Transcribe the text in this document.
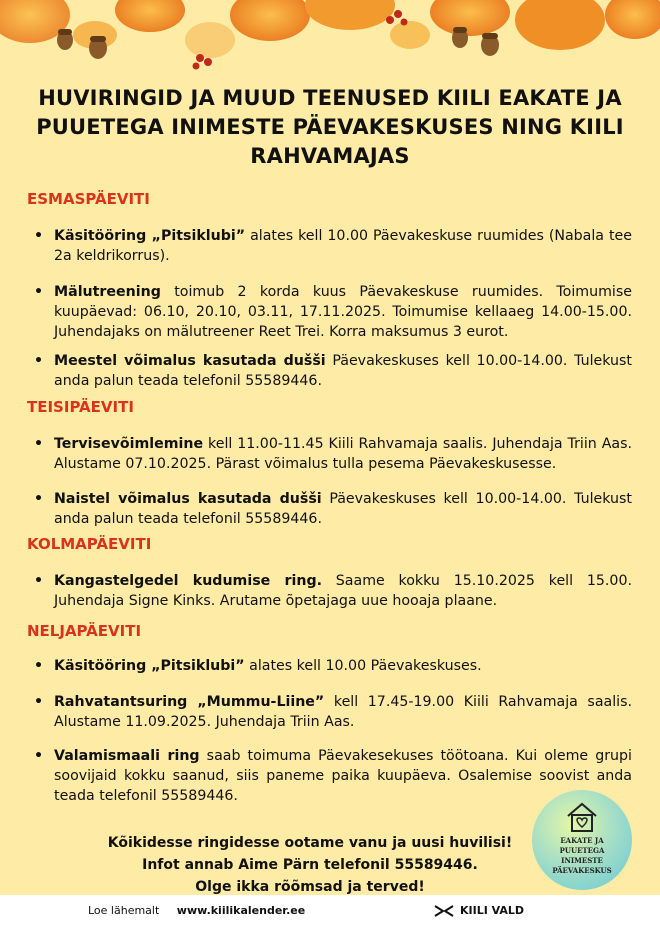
HUVIRINGID JA MUUD TEENUSED KIILI EAKATE JA PUUETEGA INIMESTE PÄEVAKESKUSES NING KIILI RAHVAMAJAS
ESMASPÄEVITI
• Käsitööring „Pitsiklubi” alates kell 10.00 Päevakeskuse ruumides (Nabala tee 2a keldrikorrus).
• Mälutreening toimub 2 korda kuus Päevakeskuse ruumides. Toimumise kuupäevad: 06.10, 20.10, 03.11, 17.11.2025. Toimumise kellaaeg 14.00-15.00. Juhendajaks on mälutreener Reet Trei. Korra maksumus 3 eurot.
• Meestel võimalus kasutada dušši Päevakeskuses kell 10.00-14.00. Tulekust anda palun teada telefonil 55589446.
TEISIPÄEVITI
• Tervisevõimlemine kell 11.00-11.45 Kiili Rahvamaja saalis. Juhendaja Triin Aas. Alustame 07.10.2025. Pärast võimalus tulla pesema Päevakeskusesse.
• Naistel võimalus kasutada dušši Päevakeskuses kell 10.00-14.00. Tulekust anda palun teada telefonil 55589446.
KOLMAPÄEVITI
• Kangastelgedel kudumise ring. Saame kokku 15.10.2025 kell 15.00. Juhendaja Signe Kinks. Arutame õpetajaga uue hooaja plaane.
NELJAPÄEVITI
• Käsitööring „Pitsiklubi” alates kell 10.00 Päevakeskuses.
• Rahvatantsuring „Mummu-Liine” kell 17.45-19.00 Kiili Rahvamaja saalis. Alustame 11.09.2025. Juhendaja Triin Aas.
• Valamismaali ring saab toimuma Päevakesekuses töötoana. Kui oleme grupi soovijaid kokku saanud, siis paneme paika kuupäeva. Osalemise soovist anda teada telefonil 55589446.
Kõikidesse ringidesse ootame vanu ja uusi huvilisi!
Infot annab Aime Pärn telefonil 55589446.
Olge ikka rõõmsad ja terved!
EAKATE JA PUUETEGA
INIMESTE
PÄEVAKESKUS
Loe lähemalt www.kiilikalender.ee	KIILI VALD
